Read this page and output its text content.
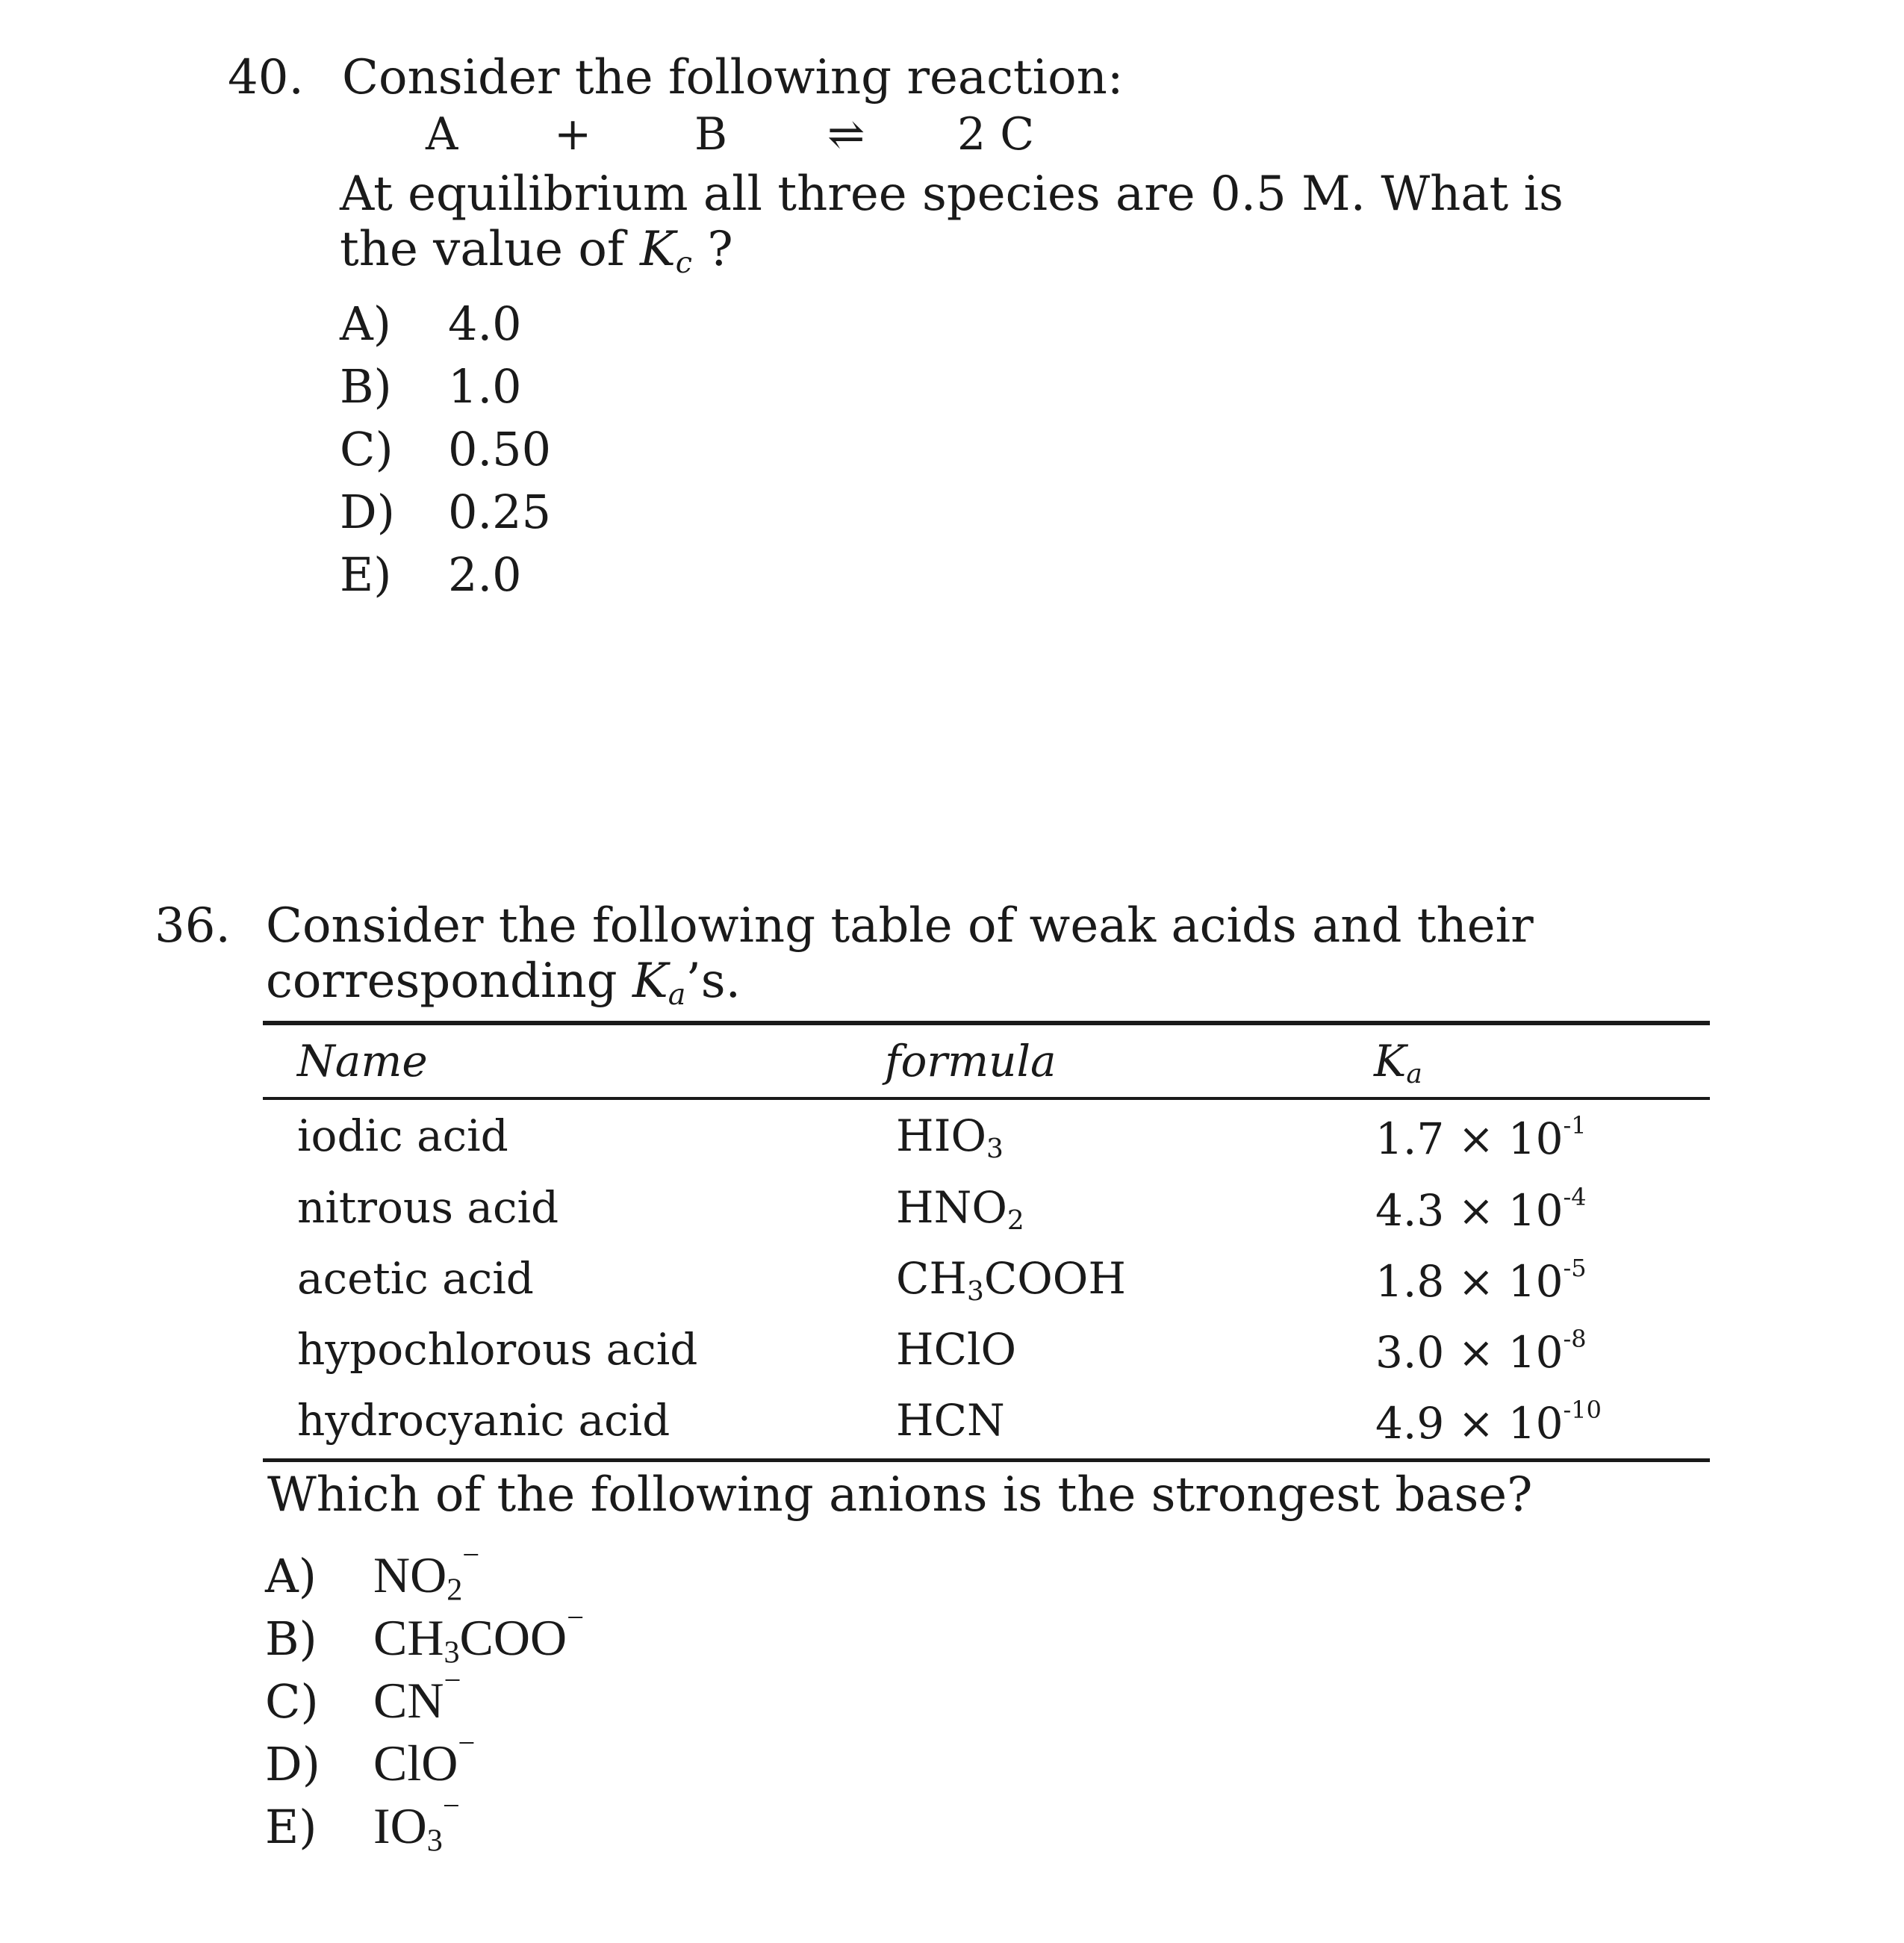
40. Consider the following reaction:
A + B ⇌ 2 C
At equilibrium all three species are 0.5 M. What is
the value of $K_c$ ?
A) 4.0
B) 1.0
C) 0.50
D) 0.25
E) 2.0
36. Consider the following table of weak acids and their
corresponding $K_a’s$.
Name	formula	$K_a$
iodic acid	$HIO_3$	$1.7 \times 10^{-1}$
nitrous acid	$HNO_2$	$4.3 \times 10^{-4}$
acetic acid	$CH_3COOH$	$1.8 \times 10^{-5}$
hypochlorous acid	HClO	$3.0 \times 10^{-8}$
hydrocyanic acid	HCN	$4.9 \times 10^{-10}$
Which of the following anions is the strongest base?
A) $NO_2^-$
B) $CH_3COO^-$
C) CN−
D) ClO−
E) $IO_3^-$
